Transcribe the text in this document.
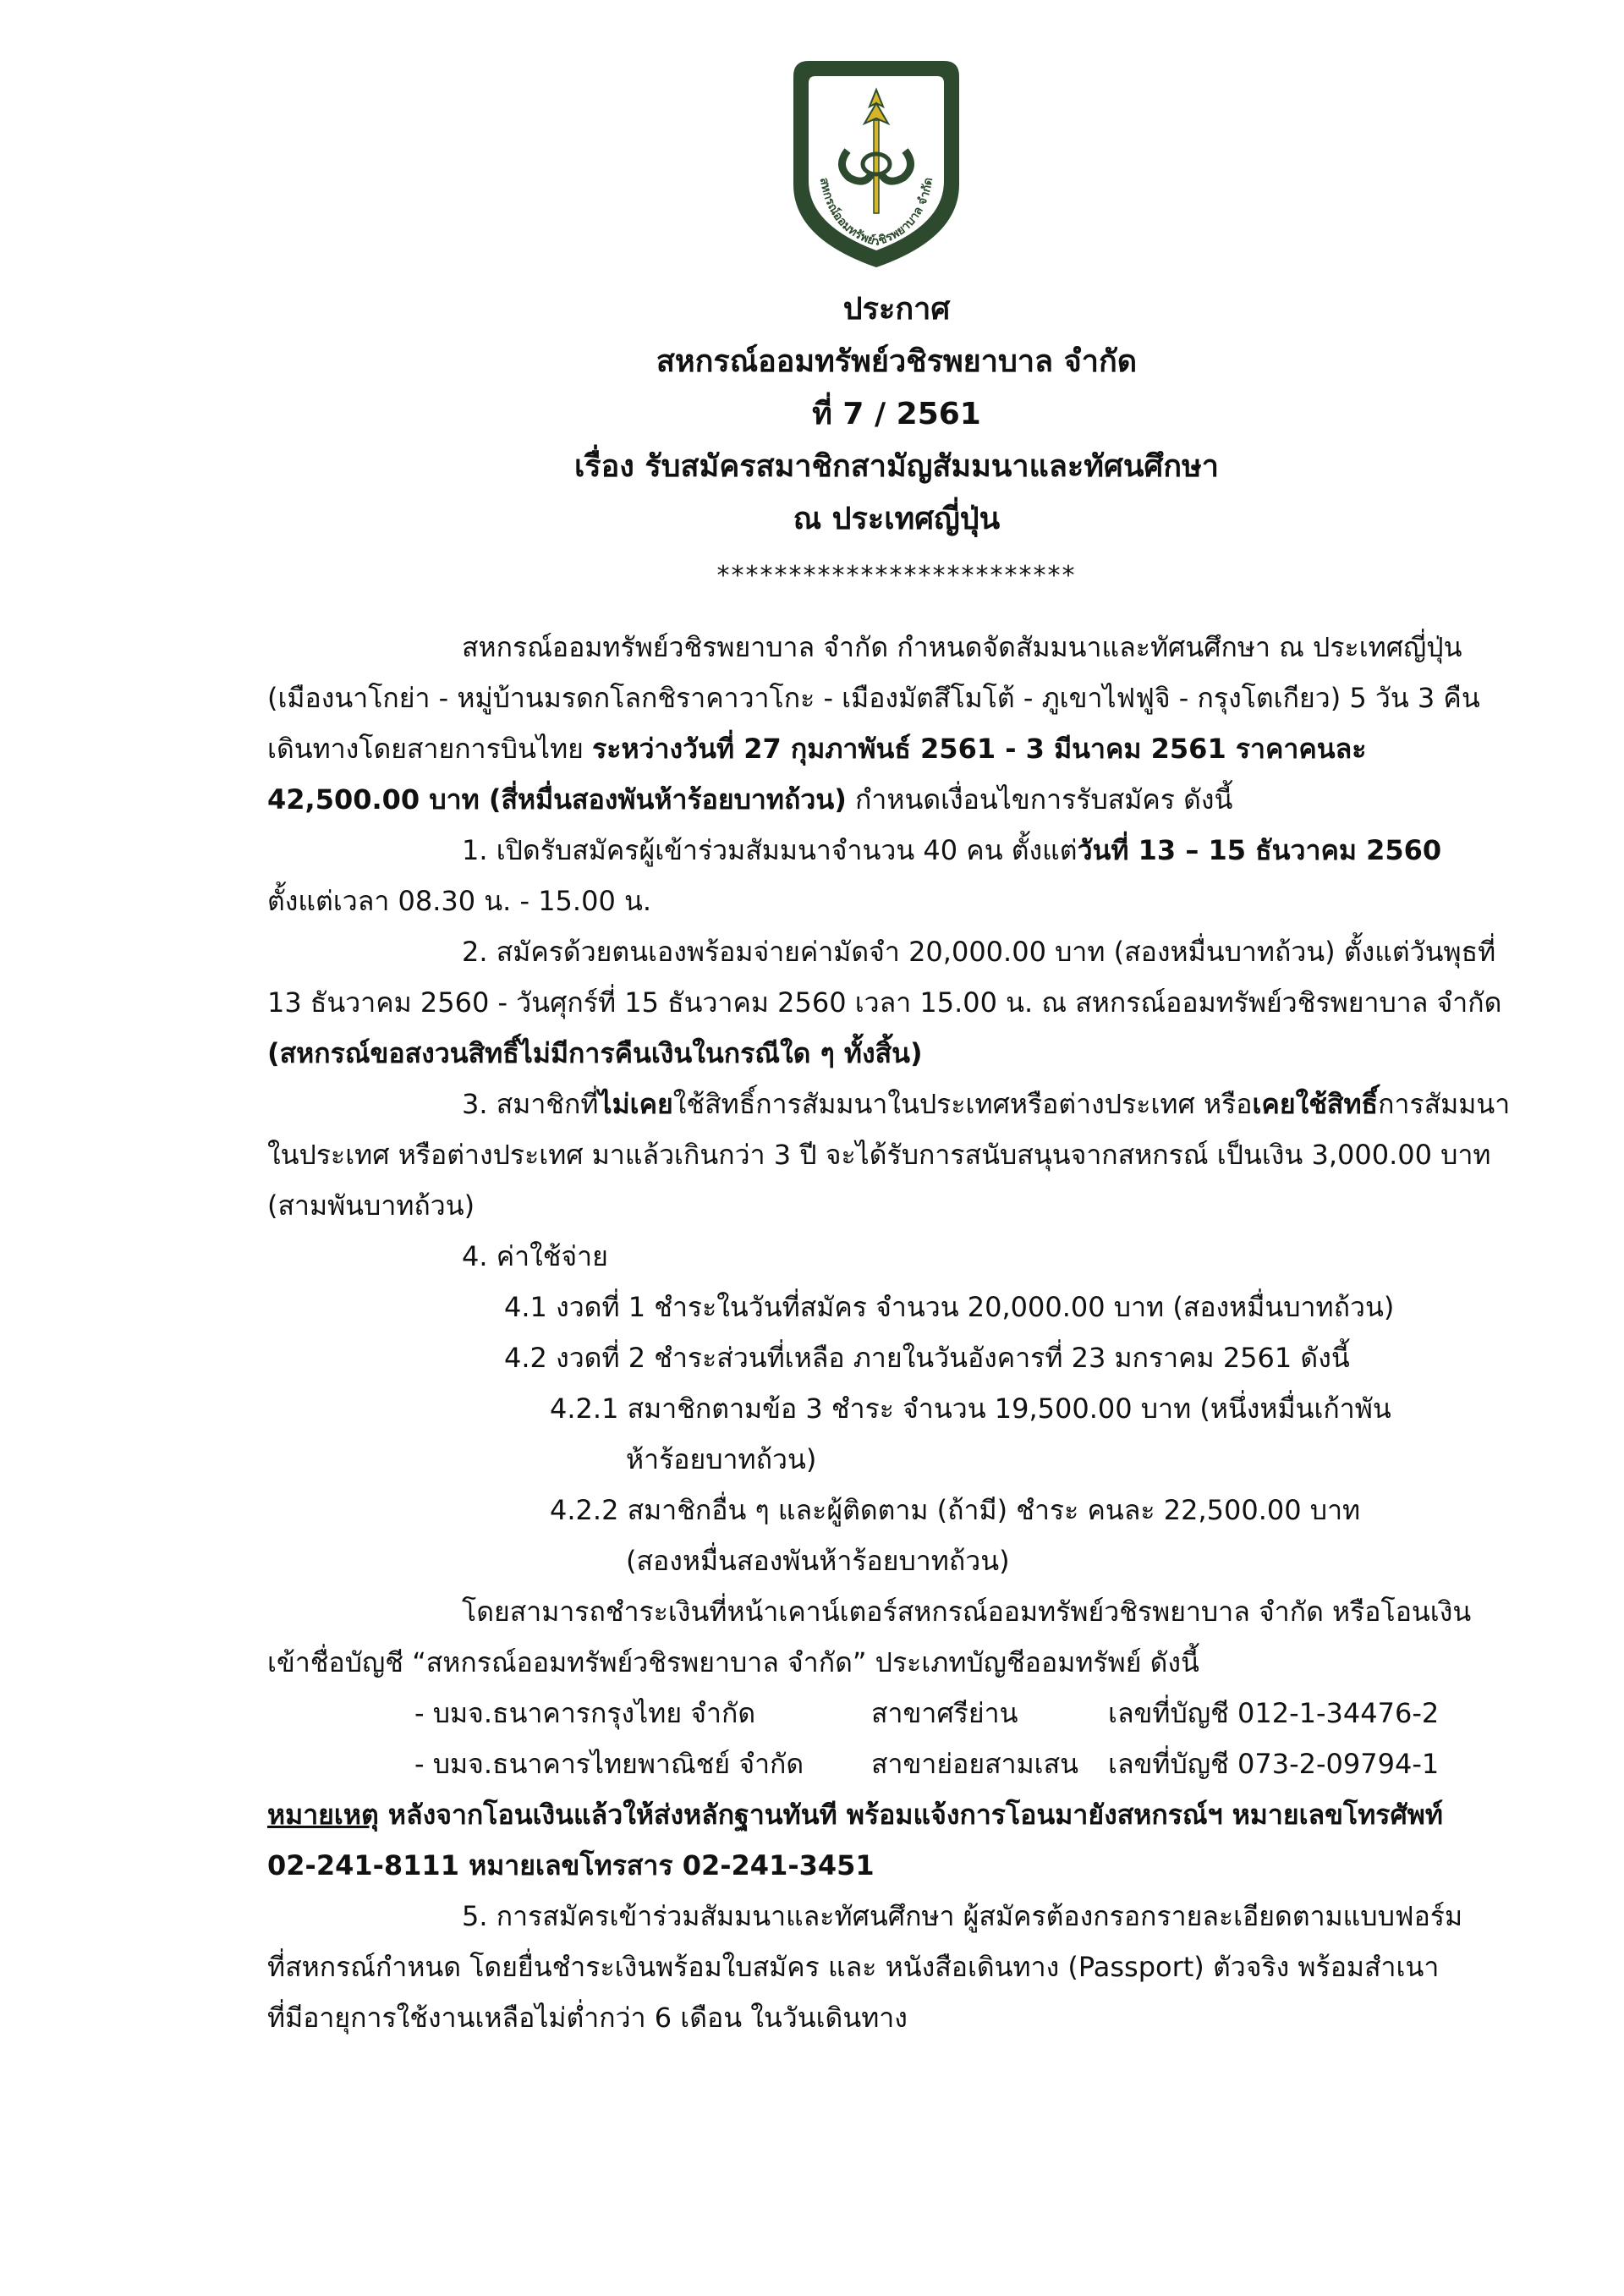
สหกรณ์ออมทรัพย์วชิรพยาบาล จำกัด
ประกาศ
สหกรณ์ออมทรัพย์วชิรพยาบาล จำกัด
ที่ 7 / 2561
เรื่อง รับสมัครสมาชิกสามัญสัมมนาและทัศนศึกษา
ณ ประเทศญี่ปุ่น
*************************
สหกรณ์ออมทรัพย์วชิรพยาบาล จำกัด กำหนดจัดสัมมนาและทัศนศึกษา ณ ประเทศญี่ปุ่น
(เมืองนาโกย่า - หมู่บ้านมรดกโลกชิราคาวาโกะ - เมืองมัตสึโมโต้ - ภูเขาไฟฟูจิ - กรุงโตเกียว) 5 วัน 3 คืน
เดินทางโดยสายการบินไทย ระหว่างวันที่ 27 กุมภาพันธ์ 2561 - 3 มีนาคม 2561 ราคาคนละ
42,500.00 บาท (สี่หมื่นสองพันห้าร้อยบาทถ้วน) กำหนดเงื่อนไขการรับสมัคร ดังนี้
1. เปิดรับสมัครผู้เข้าร่วมสัมมนาจำนวน 40 คน ตั้งแต่วันที่ 13 – 15 ธันวาคม 2560
ตั้งแต่เวลา 08.30 น. - 15.00 น.
2. สมัครด้วยตนเองพร้อมจ่ายค่ามัดจำ 20,000.00 บาท (สองหมื่นบาทถ้วน) ตั้งแต่วันพุธที่
13 ธันวาคม 2560 - วันศุกร์ที่ 15 ธันวาคม 2560 เวลา 15.00 น. ณ สหกรณ์ออมทรัพย์วชิรพยาบาล จำกัด
(สหกรณ์ขอสงวนสิทธิ์ไม่มีการคืนเงินในกรณีใด ๆ ทั้งสิ้น)
3. สมาชิกที่ไม่เคยใช้สิทธิ์การสัมมนาในประเทศหรือต่างประเทศ หรือเคยใช้สิทธิ์การสัมมนา
ในประเทศ หรือต่างประเทศ มาแล้วเกินกว่า 3 ปี จะได้รับการสนับสนุนจากสหกรณ์ เป็นเงิน 3,000.00 บาท
(สามพันบาทถ้วน)
4. ค่าใช้จ่าย
4.1 งวดที่ 1 ชำระในวันที่สมัคร จำนวน 20,000.00 บาท (สองหมื่นบาทถ้วน)
4.2 งวดที่ 2 ชำระส่วนที่เหลือ ภายในวันอังคารที่ 23 มกราคม 2561 ดังนี้
4.2.1 สมาชิกตามข้อ 3 ชำระ จำนวน 19,500.00 บาท (หนึ่งหมื่นเก้าพัน
ห้าร้อยบาทถ้วน)
4.2.2 สมาชิกอื่น ๆ และผู้ติดตาม (ถ้ามี) ชำระ คนละ 22,500.00 บาท
(สองหมื่นสองพันห้าร้อยบาทถ้วน)
โดยสามารถชำระเงินที่หน้าเคาน์เตอร์สหกรณ์ออมทรัพย์วชิรพยาบาล จำกัด หรือโอนเงิน
เข้าชื่อบัญชี “สหกรณ์ออมทรัพย์วชิรพยาบาล จำกัด” ประเภทบัญชีออมทรัพย์ ดังนี้
- บมจ.ธนาคารกรุงไทย จำกัด	สาขาศรีย่าน	เลขที่บัญชี 012-1-34476-2
- บมจ.ธนาคารไทยพาณิชย์ จำกัด สาขาย่อยสามเสน เลขที่บัญชี 073-2-09794-1
หมายเหตุ หลังจากโอนเงินแล้วให้ส่งหลักฐานทันที พร้อมแจ้งการโอนมายังสหกรณ์ฯ หมายเลขโทรศัพท์
02-241-8111 หมายเลขโทรสาร 02-241-3451
5. การสมัครเข้าร่วมสัมมนาและทัศนศึกษา ผู้สมัครต้องกรอกรายละเอียดตามแบบฟอร์ม
ที่สหกรณ์กำหนด โดยยื่นชำระเงินพร้อมใบสมัคร และ หนังสือเดินทาง (Passport) ตัวจริง พร้อมสำเนา
ที่มีอายุการใช้งานเหลือไม่ต่ำกว่า 6 เดือน ในวันเดินทาง
